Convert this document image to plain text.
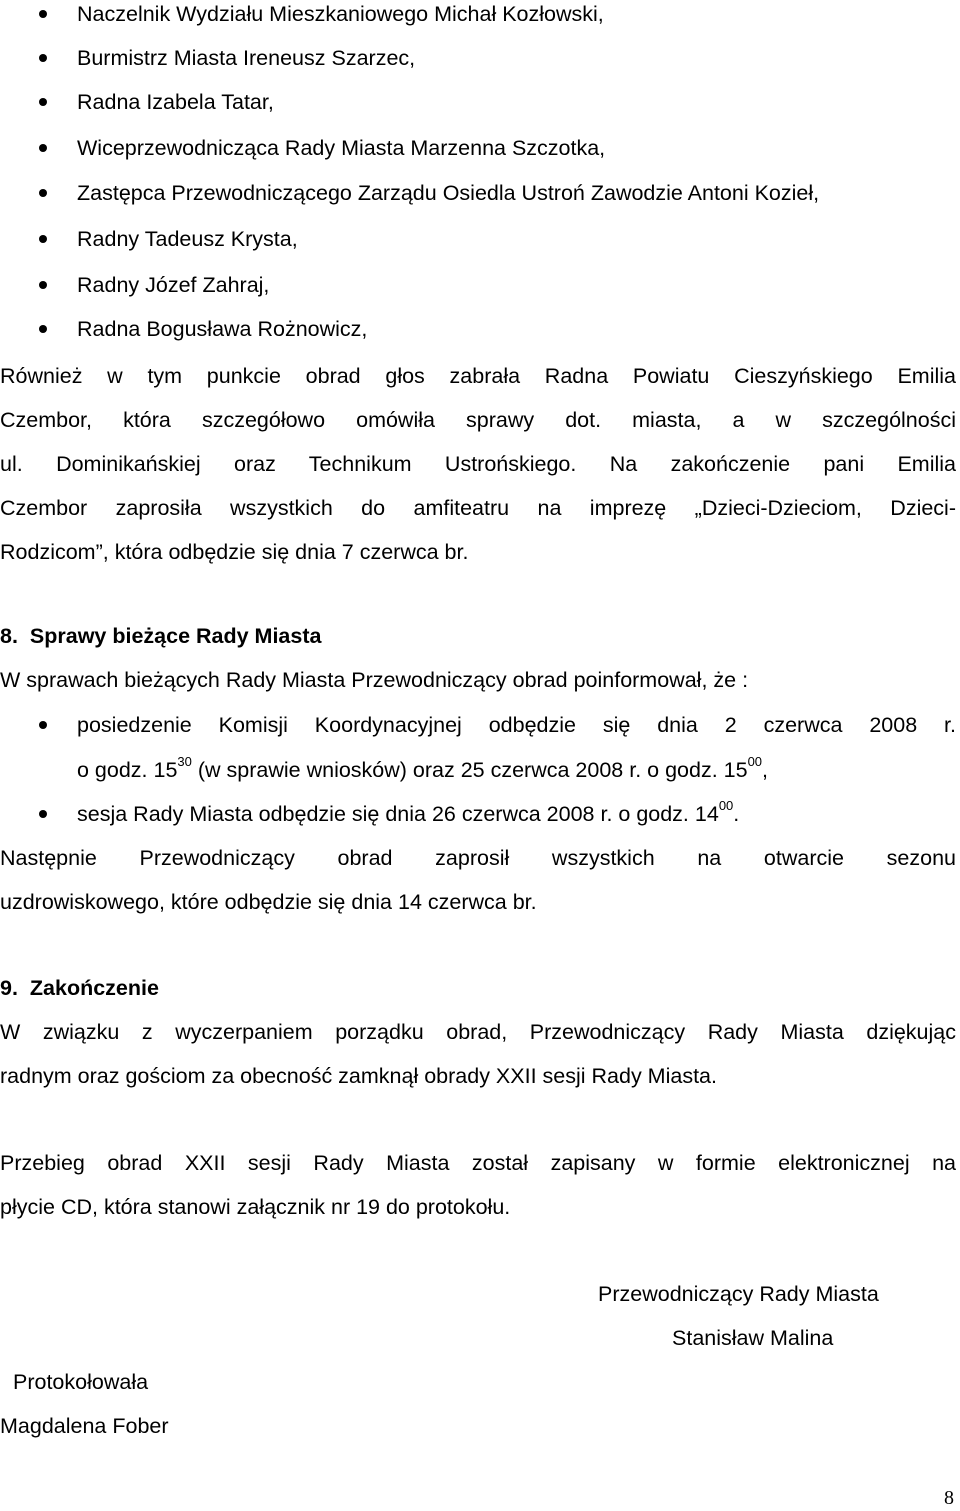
Naczelnik Wydziału Mieszkaniowego Michał Kozłowski,
Burmistrz Miasta Ireneusz Szarzec,
Radna Izabela Tatar,
Wiceprzewodnicząca Rady Miasta Marzenna Szczotka,
Zastępca Przewodniczącego Zarządu Osiedla Ustroń Zawodzie Antoni Kozieł,
Radny Tadeusz Krysta,
Radny Józef Zahraj,
Radna Bogusława Rożnowicz,
Również w tym punkcie obrad głos zabrała Radna Powiatu Cieszyńskiego Emilia
Czembor, która szczegółowo omówiła sprawy dot. miasta, a w szczególności
ul. Dominikańskiej oraz Technikum Ustrońskiego. Na zakończenie pani Emilia
Czembor zaprosiła wszystkich do amfiteatru na imprezę „Dzieci-Dzieciom, Dzieci-
Rodzicom”, która odbędzie się dnia 7 czerwca br.
8. Sprawy bieżące Rady Miasta
W sprawach bieżących Rady Miasta Przewodniczący obrad poinformował, że :
posiedzenie Komisji Koordynacyjnej odbędzie się dnia 2 czerwca 2008 r.
o godz. $15^{30}$ (w sprawie wniosków) oraz 25 czerwca 2008 r. o godz. $15^{00}$,
sesja Rady Miasta odbędzie się dnia 26 czerwca 2008 r. o godz. $14^{00}$.
Następnie Przewodniczący obrad zaprosił wszystkich na otwarcie sezonu
uzdrowiskowego, które odbędzie się dnia 14 czerwca br.
9. Zakończenie
W związku z wyczerpaniem porządku obrad, Przewodniczący Rady Miasta dziękując
radnym oraz gościom za obecność zamknął obrady XXII sesji Rady Miasta.
Przebieg obrad XXII sesji Rady Miasta został zapisany w formie elektronicznej na
płycie CD, która stanowi załącznik nr 19 do protokołu.
Przewodniczący Rady Miasta
Stanisław Malina
Protokołowała
Magdalena Fober
8
